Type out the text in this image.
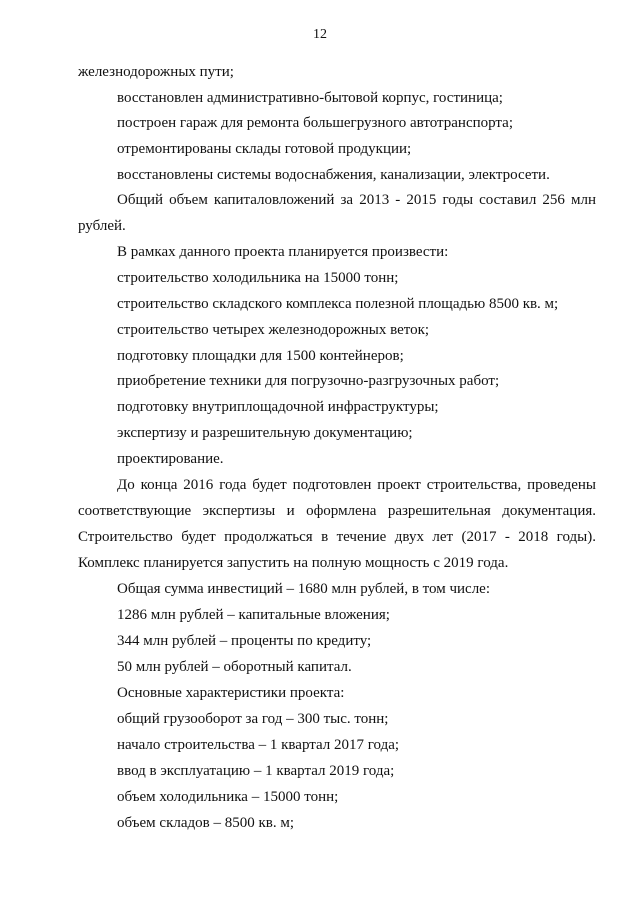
12
железнодорожных пути;
восстановлен административно-бытовой корпус, гостиница;
построен гараж для ремонта большегрузного автотранспорта;
отремонтированы склады готовой продукции;
восстановлены системы водоснабжения, канализации, электросети.
Общий объем капиталовложений за 2013 - 2015 годы составил 256 млн
рублей.
В рамках данного проекта планируется произвести:
строительство холодильника на 15000 тонн;
строительство складского комплекса полезной площадью 8500 кв. м;
строительство четырех железнодорожных веток;
подготовку площадки для 1500 контейнеров;
приобретение техники для погрузочно-разгрузочных работ;
подготовку внутриплощадочной инфраструктуры;
экспертизу и разрешительную документацию;
проектирование.
До конца 2016 года будет подготовлен проект строительства, проведены
соответствующие экспертизы и оформлена разрешительная документация.
Строительство будет продолжаться в течение двух лет (2017 - 2018 годы).
Комплекс планируется запустить на полную мощность с 2019 года.
Общая сумма инвестиций – 1680 млн рублей, в том числе:
1286 млн рублей – капитальные вложения;
344 млн рублей – проценты по кредиту;
50 млн рублей – оборотный капитал.
Основные характеристики проекта:
общий грузооборот за год – 300 тыс. тонн;
начало строительства – 1 квартал 2017 года;
ввод в эксплуатацию – 1 квартал 2019 года;
объем холодильника – 15000 тонн;
объем складов – 8500 кв. м;
